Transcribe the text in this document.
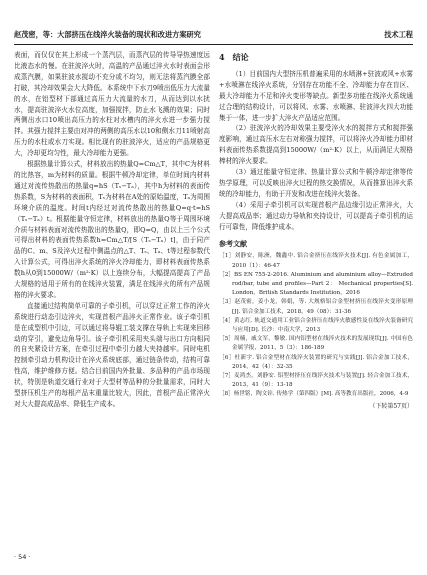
赵茂密，等：大部挤压在线淬火装备的现状和改进方案研究	技术工程

表面，而仅仅在其上形成一个蒸汽层，而蒸汽层的传导导热速度远比液态水的慢。在驻波淬火时，高温的产品通过淬火水时表面会形成蒸汽膜，如果驻波水搅动不充分或不均匀，则无法将蒸汽膜全部打破，其冷却效果会大大降低。本系统中下水刀9喷出低压力大流量的水，在铝型材下部通过高压力大流量的水刀，从而达到以水扰水，提高驻波淬火水位高度，加强搅拌，防止水飞溅的效果；同时两侧出水口10喷出高压力的水柱对水槽内的淬火水进一步强力搅拌。其强力搅拌主要由对冲的两侧的高压水以10和侧水刀11喷射高压力的水柱或水刀实现。相比现有的驻波淬火，适应的产品规格更大，冷却更均匀性，最大冷却能力更强。

根据热量计算公式，材料放出的热量Q=Cm△T，其中C为材料的比热容，m为材料的质量。根据牛顿冷却定律，单位时间内材料通过对流传热散出的热量q=hS（Tₛ−Tₐ），其中h为材料的表面传热系数，S为材料的表面积，Tₛ为材料在A处的原始温度，Tₐ为周围环境介质的温度。时间t内经过对流传热散出的热量Q=q·t=hS（Tₛ−Tₐ）t。根据能量守恒定律，材料放出的热量Q等于周围环境介质与材料表面对流传热散出的热量Q，即Q=Q，由以上三个公式可得出材料的表面传热系数h=Cm△T/[S（Tₛ−Tₐ）t]，由于同产品的C、m、S及淬火过程中侧温点的△T、Tₛ、Tₐ、t等过程参数代入计算公式，可得出淬火系统的淬火冷却能力，即材料表面传热系数h从0到15000W/（m²·K）以上连续分布，大幅提高提高了产品大规格的适用于所有的在线淬火装置，满足在线淬火的所有产品规格的淬火要求。

直接通过结构简单可靠的子牵引机，可以穿过正常工作的淬火系统进行动态引边淬火，实现首根产品淬火正常作业。该子牵引机是在成型机中引边，可以通过将导辊工装支撑在导轨上实现来回移动的穿引，避免边角导引。该子牵引机采用夹头端与出口方向相同的自夹紧设计方案，在牵引过程中牵引力越大夹持越牢。同时电机控制牵引动力机构设计在淬火系统底部，通过链条传动，结构可靠性高，维护维修方便。结合目前国内外批量、多品种的产品市场现状，特别是轨道交通行业对于大型材等品种的分批量需求，同时大型挤压机生产的每根产品末重量比较大，因此，首根产品正常淬火对大大提高成品率、降低生产成本。

4　结论

（1）目前国内大型挤压机普遍采用的水喷淋+驻波或风+水雾+水喷淋在线淬火系统，分别存在功能不全、冷却能力存在盲区、最大冷却能力不足和淬火变形等缺点。新型多功能在线淬火系统通过合理的结构设计，可以将风、水雾、水喷淋、驻波淬火四大功能集于一体，进一步扩大淬火产品适应范围。

（2）驻波淬火的冷却效果主要受淬火水的搅拌方式和搅拌强度影响，通过高压水左右对称强力搅拌，可以将淬火冷却能力即材料表面传热系数提高到15000W/（m²·K）以上，从而满足大规格棒材的淬火要求。

（3）通过能量守恒定律、热量计算公式和牛顿冷却定律等传热学原理，可以反映出淬火过程的热交换情况，从而推算出淬火系统的冷却能力，有助于开发和改进在线淬火装备。

（4）采用子牵引机可以实现首根产品边缘引边正常淬火，大大提高成品率；通过动力导轨和夹持设计，可以提高子牵引机的运行可靠性，降低维护成本。

参考文献
［1］刘静安，陈洲，魏鑫中. 铝合金挤压在线淬火技术[J]. 有色金属加工，2010（1）：46-47
［2］BS EN 755-2-2016. Aluminium and aluminium alloy—Extruded rod/bar, tube and profiles—Part 2： Mechanical properties[S]. London，British Standards Institution，2016
［3］赵茂密，姜小龙，韩娟，等. 大规格铝合金型材挤压在线淬火变形原理[J]. 铝合金加工技术，2018，49（08）：31-36
［4］黄志红. 轨道交通用工业铝合金挤压在线淬火敏感性及在线淬火装备研究与应用[D]. 长沙：中南大学，2013
［5］周楠，戚文军，黎敏. 国内铝型材在线淬火技术的发展现状[J]. 中国有色金属学报，2011，5（3）：186-189
［6］杜新宇. 铝合金型材在线淬火装置的研究与实践[J]. 铝合金加工技术，2014，42（4）：32-35
［7］麦鸿杰，刘静安. 铝型材挤压在线淬火技术与装置[J]. 轻合金加工技术，2013，41（9）：13-18
［8］杨世铭，陶文铨. 传热学（第四版）[M]. 高等教育出版社，2006，4-9
（下转第57页）
· 54 ·
